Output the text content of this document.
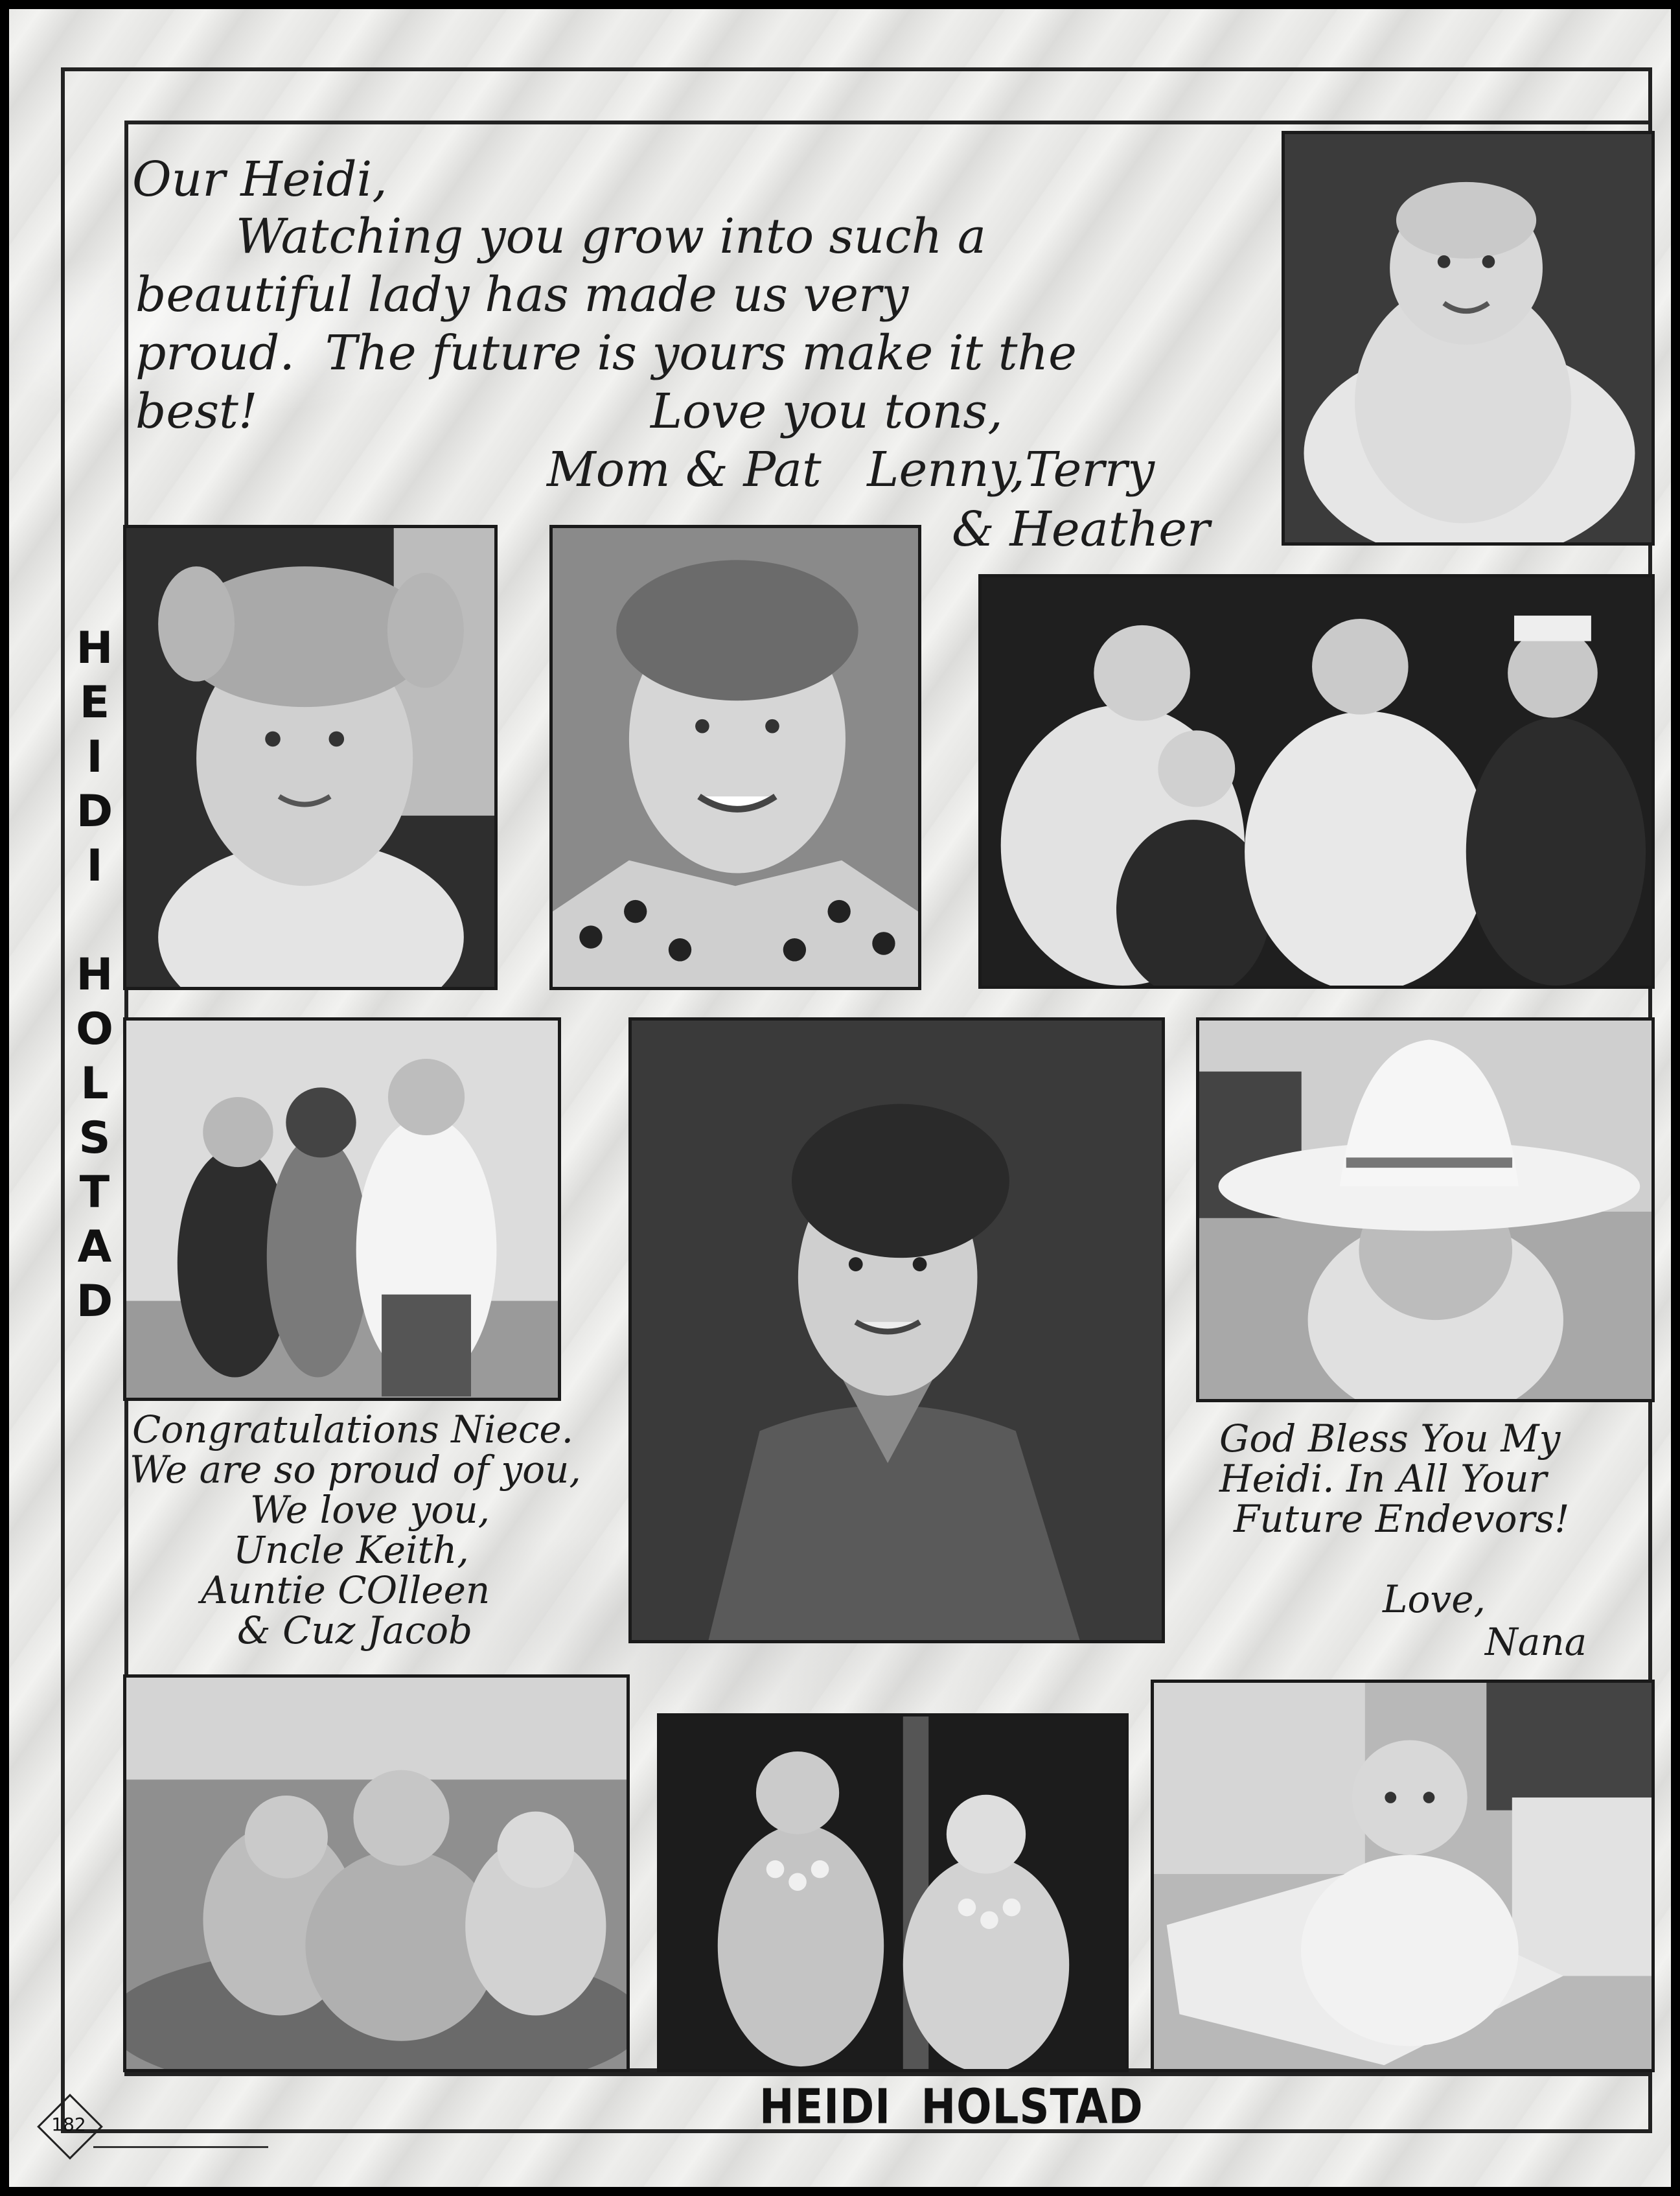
Our Heidi,
Watching you grow into such a
beautiful lady has made us very
proud.  The future is yours make it the
best!	Love you tons,
Mom & Pat   Lenny,Terry
& Heather
Congratulations Niece.
We are so proud of you,
We love you,
Uncle Keith,
Auntie COlleen
& Cuz Jacob
God Bless You My
Heidi. In All Your
Future Endevors!
Love,
Nana
H
E
I
D
I
H
O
L
S
T
A
D
HEIDI  HOLSTAD
182
